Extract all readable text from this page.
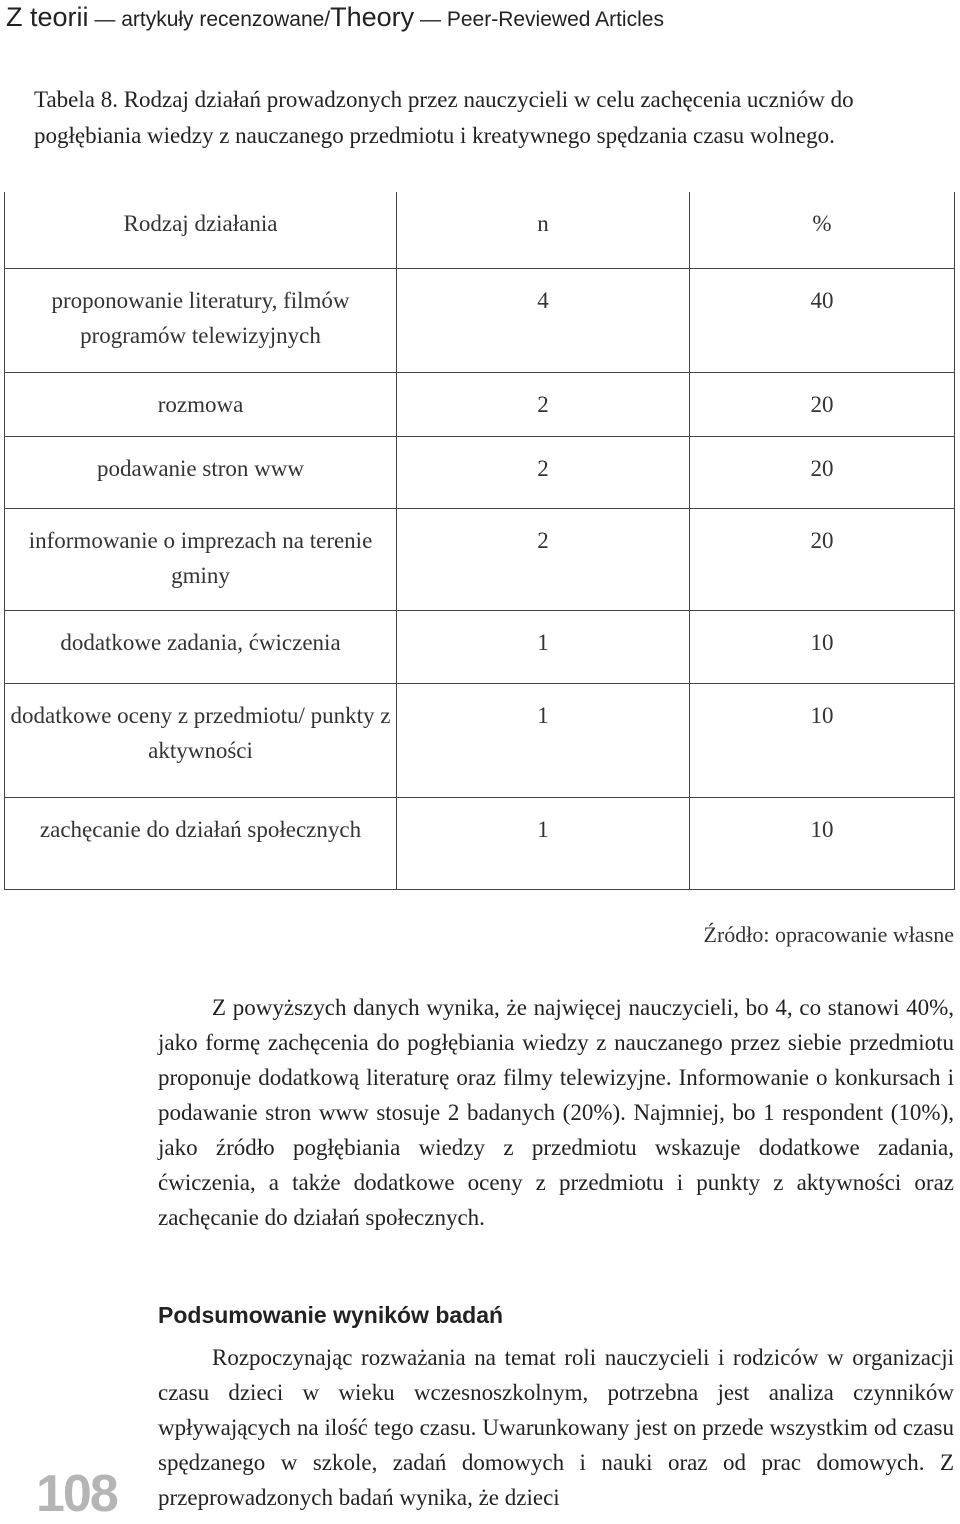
Z teorii — artykuły recenzowane/Theory — Peer-Reviewed Articles
Tabela 8. Rodzaj działań prowadzonych przez nauczycieli w celu zachęcenia uczniów do pogłębiania wiedzy z nauczanego przedmiotu i kreatywnego spędzania czasu wolnego.
Rodzaj działania	n	%

proponowanie literatury, filmów programów telewizyjnych	4	40

rozmowa	2	20

podawanie stron www	2	20

informowanie o imprezach na terenie gminy	2	20

dodatkowe zadania, ćwiczenia	1	10

dodatkowe oceny z przedmiotu/ punkty z aktywności	1	10

zachęcanie do działań społecznych	1	10
Źródło: opracowanie własne
Z powyższych danych wynika, że najwięcej nauczycieli, bo 4, co stanowi 40%, jako formę zachęcenia do pogłębiania wiedzy z nauczanego przez siebie przedmiotu proponuje dodatkową literaturę oraz filmy telewizyjne. Informowanie o konkursach i podawanie stron www stosuje 2 badanych (20%). Najmniej, bo 1 respondent (10%), jako źródło pogłębiania wiedzy z przedmiotu wskazuje dodatkowe zadania, ćwiczenia, a także dodatkowe oceny z przedmiotu i punkty z aktywności oraz zachęcanie do działań społecznych.
Podsumowanie wyników badań
Rozpoczynając rozważania na temat roli nauczycieli i rodziców w organizacji czasu dzieci w wieku wczesnoszkolnym, potrzebna jest analiza czynników wpływających na ilość tego czasu. Uwarunkowany jest on przede wszystkim od czasu spędzanego w szkole, zadań domowych i nauki oraz od prac domowych. Z przeprowadzonych badań wynika, że dzieci
108
